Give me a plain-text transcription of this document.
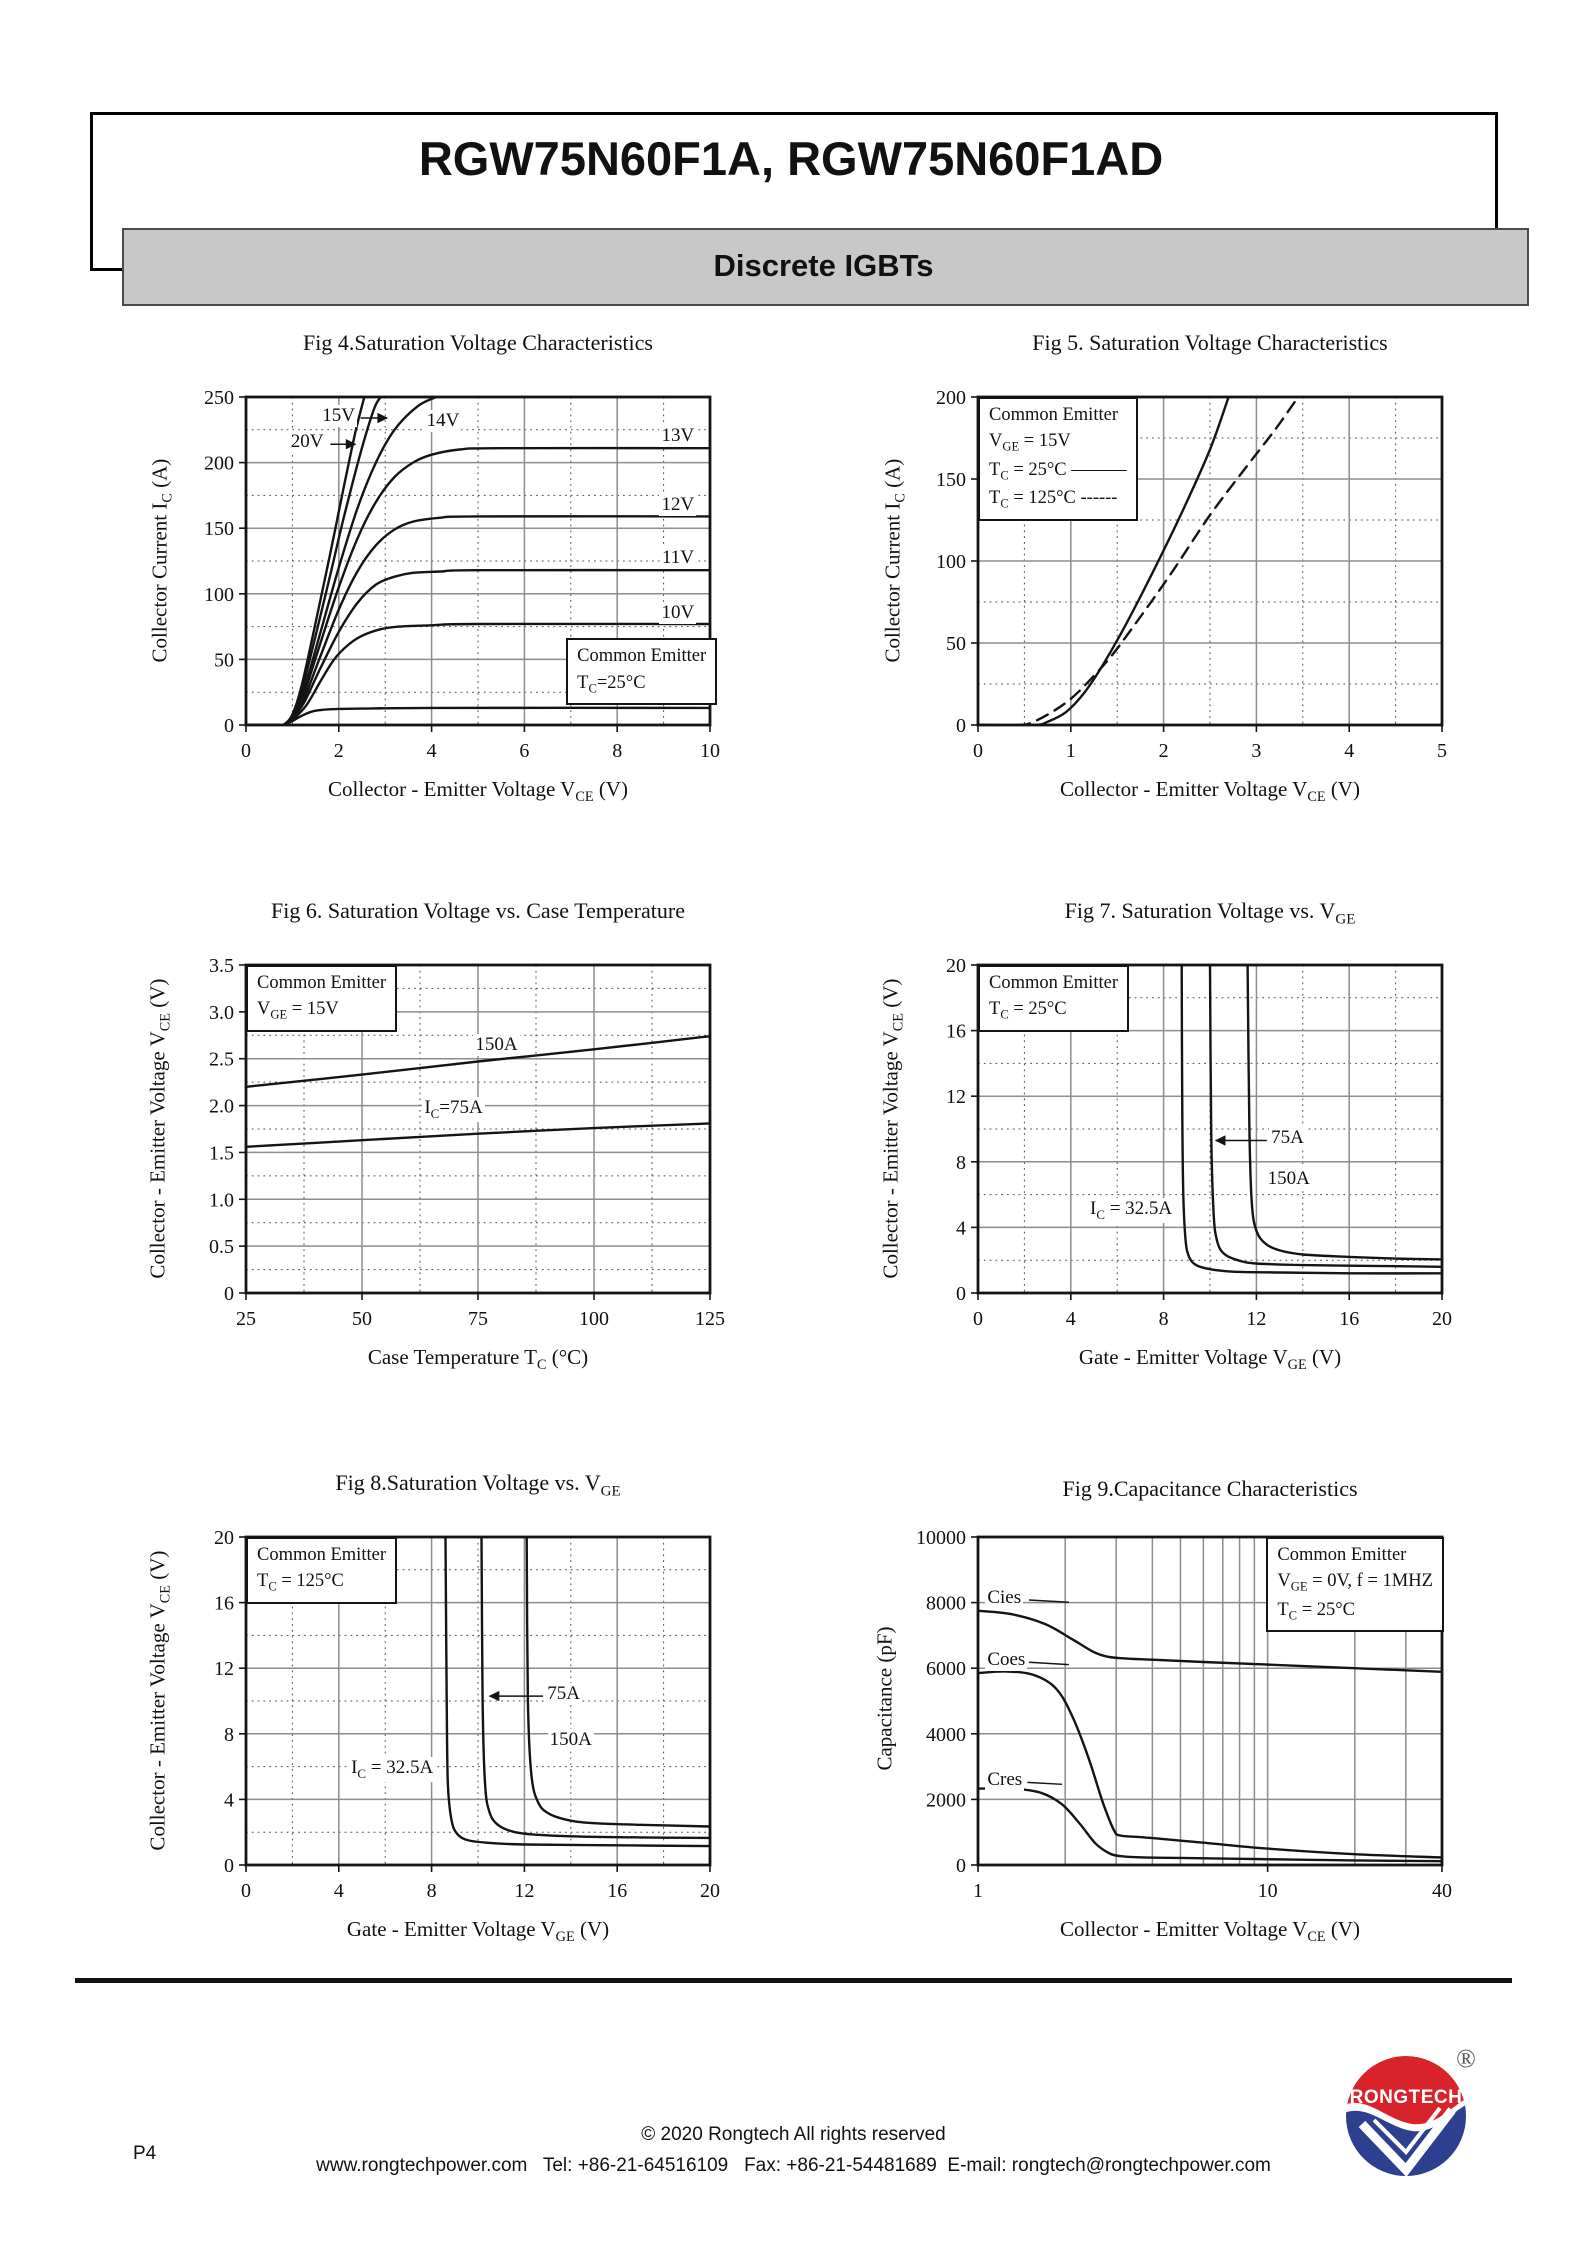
RGW75N60F1A, RGW75N60F1AD
Discrete IGBTs
Fig 4.Saturation Voltage Characteristics
Collector Current $I_C$ (A)
0	2	4	6	8	10
0
50
100
150
200
250
Collector - Emitter Voltage $V_{CE}$ (V)
Fig 5. Saturation Voltage Characteristics
Collector Current $I_C$ (A)
0	1	2	3	4	5
0
50
100
150
200
Collector - Emitter Voltage $V_{CE}$ (V)
Fig 6. Saturation Voltage vs. Case Temperature
Collector - Emitter Voltage $V_{CE}$ (V)
25	50	75	100	125
0
0.5
1.0
1.5
2.0
2.5
3.0
3.5
Case Temperature $T_C$ (°C)
Fig 7. Saturation Voltage vs. $V_{GE}$
Collector - Emitter Voltage $V_{CE}$ (V)
0	4	8	12	16	20
0
4
8
12
16
20
Gate - Emitter Voltage $V_{GE}$ (V)
Fig 8.Saturation Voltage vs. $V_{GE}$
Collector - Emitter Voltage $V_{CE}$ (V)
0	4	8	12	16	20
0
4
8
12
16
20
Gate - Emitter Voltage $V_{GE}$ (V)
Fig 9.Capacitance Characteristics
Capacitance (pF)
1	10	40
0
2000
4000
6000
8000
10000
Collector - Emitter Voltage $V_{CE}$ (V)
© 2020 Rongtech All rights reserved
www.rongtechpower.com   Tel: +86-21-64516109   Fax: +86-21-54481689  E-mail: rongtech@rongtechpower.com
P4
RONGTECH
®
15V
20V
14V
13V
12V
11V
10V
Common Emitter
$T_C=25^\circ C$
Common Emitter
$V_{GE} = 15V$
$T_C = 25^\circ C$ ———
$T_C = 125^\circ C$ ------
150A
$I_C=75A$
Common Emitter
$V_{GE} = 15V$
75A
150A
$I_C = 32.5A$
Common Emitter
$T_C = 25^\circ C$
75A
150A
$I_C = 32.5A$
Common Emitter
$T_C = 125^\circ C$
Cies
Coes
Cres
Common Emitter
$V_{GE} = 0V$, f = 1MHZ
$T_C = 25^\circ C$
